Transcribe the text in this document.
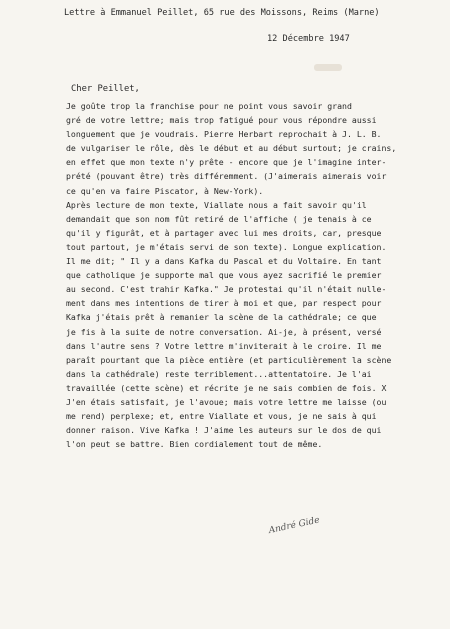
Lettre à Emmanuel Peillet, 65 rue des Moissons, Reims (Marne)
12 Décembre 1947
Cher Peillet,
Je goûte trop la franchise pour ne point vous savoir grand
gré de votre lettre; mais trop fatigué pour vous répondre aussi
longuement que je voudrais. Pierre Herbart reprochait à J. L. B.
de vulgariser le rôle, dès le début et au début surtout; je crains,
en effet que mon texte n'y prête - encore que je l'imagine inter-
prété (pouvant être) très différemment. (J'aimerais aimerais voir
ce qu'en va faire Piscator, à New-York).
Après lecture de mon texte, Viallate nous a fait savoir qu'il
demandait que son nom fût retiré de l'affiche ( je tenais à ce
qu'il y figurât, et à partager avec lui mes droits, car, presque
tout partout, je m'étais servi de son texte). Longue explication.
Il me dit; " Il y a dans Kafka du Pascal et du Voltaire. En tant
que catholique je supporte mal que vous ayez sacrifié le premier
au second. C'est trahir Kafka." Je protestai qu'il n'était nulle-
ment dans mes intentions de tirer à moi et que, par respect pour
Kafka j'étais prêt à remanier la scène de la cathédrale; ce que
je fis à la suite de notre conversation. Ai-je, à présent, versé
dans l'autre sens ? Votre lettre m'inviterait à le croire. Il me
paraît pourtant que la pièce entière (et particulièrement la scène
dans la cathédrale) reste terriblement...attentatoire. Je l'ai
travaillée (cette scène) et récrite je ne sais combien de fois. X
J'en étais satisfait, je l'avoue; mais votre lettre me laisse (ou
me rend) perplexe; et, entre Viallate et vous, je ne sais à qui
donner raison. Vive Kafka ! J'aime les auteurs sur le dos de qui
l'on peut se battre. Bien cordialement tout de même.
André Gide
